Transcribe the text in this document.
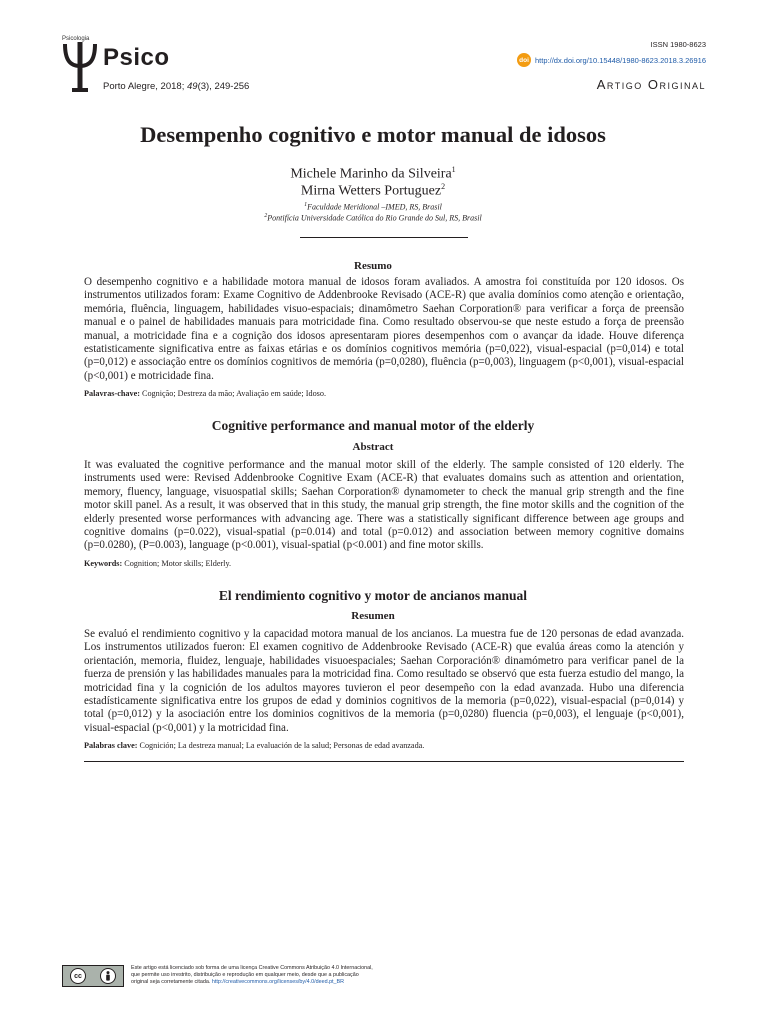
Psicologia
Psico
Porto Alegre, 2018; 49(3), 249-256
ISSN 1980-8623
doi http://dx.doi.org/10.15448/1980-8623.2018.3.26916
Artigo Original
Desempenho cognitivo e motor manual de idosos
Michele Marinho da Silveira$^1$
Mirna Wetters Portuguez$^2$
$^1$Faculdade Meridional –IMED, RS, Brasil
$^2$Pontifícia Universidade Católica do Rio Grande do Sul, RS, Brasil
Resumo
O desempenho cognitivo e a habilidade motora manual de idosos foram avaliados. A amostra foi constituída por 120 idosos. Os instrumentos utilizados foram: Exame Cognitivo de Addenbrooke Revisado (ACE-R) que avalia domínios como atenção e orientação, memória, fluência, linguagem, habilidades visuo-espaciais; dinamômetro Saehan Corporation® para verificar a força de preensão manual e o painel de habilidades manuais para motricidade fina. Como resultado observou-se que neste estudo a força de preensão manual, a motricidade fina e a cognição dos idosos apresentaram piores desempenhos com o avançar da idade. Houve diferença estatisticamente significativa entre as faixas etárias e os domínios cognitivos memória (p=0,022), visual-espacial (p=0,014) e total (p=0,012) e associação entre os domínios cognitivos de memória (p=0,0280), fluência (p=0,003), linguagem (p<0,001), visual-espacial (p<0,001) e motricidade fina.
Palavras-chave: Cognição; Destreza da mão; Avaliação em saúde; Idoso.
Cognitive performance and manual motor of the elderly
Abstract
It was evaluated the cognitive performance and the manual motor skill of the elderly. The sample consisted of 120 elderly. The instruments used were: Revised Addenbrooke Cognitive Exam (ACE-R) that evaluates domains such as attention and orientation, memory, fluency, language, visuospatial skills; Saehan Corporation® dynamometer to check the manual grip strength and the fine motor skill panel. As a result, it was observed that in this study, the manual grip strength, the fine motor skills and the cognition of the elderly presented worse performances with advancing age. There was a statistically significant difference between age groups and cognitive domains (p=0.022), visual-spatial (p=0.014) and total (p=0.012) and association between memory cognitive domains (p=0.0280), (P=0.003), language (p<0.001), visual-spatial (p<0.001) and fine motor skills.
Keywords: Cognition; Motor skills; Elderly.
El rendimiento cognitivo y motor de ancianos manual
Resumen
Se evaluó el rendimiento cognitivo y la capacidad motora manual de los ancianos. La muestra fue de 120 personas de edad avanzada. Los instrumentos utilizados fueron: El examen cognitivo de Addenbrooke Revisado (ACE-R) que evalúa áreas como la atención y orientación, memoria, fluidez, lenguaje, habilidades visuoespaciales; Saehan Corporación® dinamómetro para verificar panel de la fuerza de prensión y las habilidades manuales para la motricidad fina. Como resultado se observó que esta fuerza estudio del mango, la motricidad fina y la cognición de los adultos mayores tuvieron el peor desempeño con la edad avanzada. Hubo una diferencia estadísticamente significativa entre los grupos de edad y dominios cognitivos de la memoria (p=0,022), visual-espacial (p=0,014) y total (p=0,012) y la asociación entre los dominios cognitivos de la memoria (p=0,0280) fluencia (p=0,003), el lenguaje (p<0,001), visual-espacial (p<0,001) y la motricidad fina.
Palabras clave: Cognición; La destreza manual; La evaluación de la salud; Personas de edad avanzada.
cc
Este artigo está licenciado sob forma de uma licença Creative Commons Atribuição 4.0 Internacional,
que permite uso irrestrito, distribuição e reprodução em qualquer meio, desde que a publicação
original seja corretamente citada. http://creativecommons.org/licenses/by/4.0/deed.pt_BR
